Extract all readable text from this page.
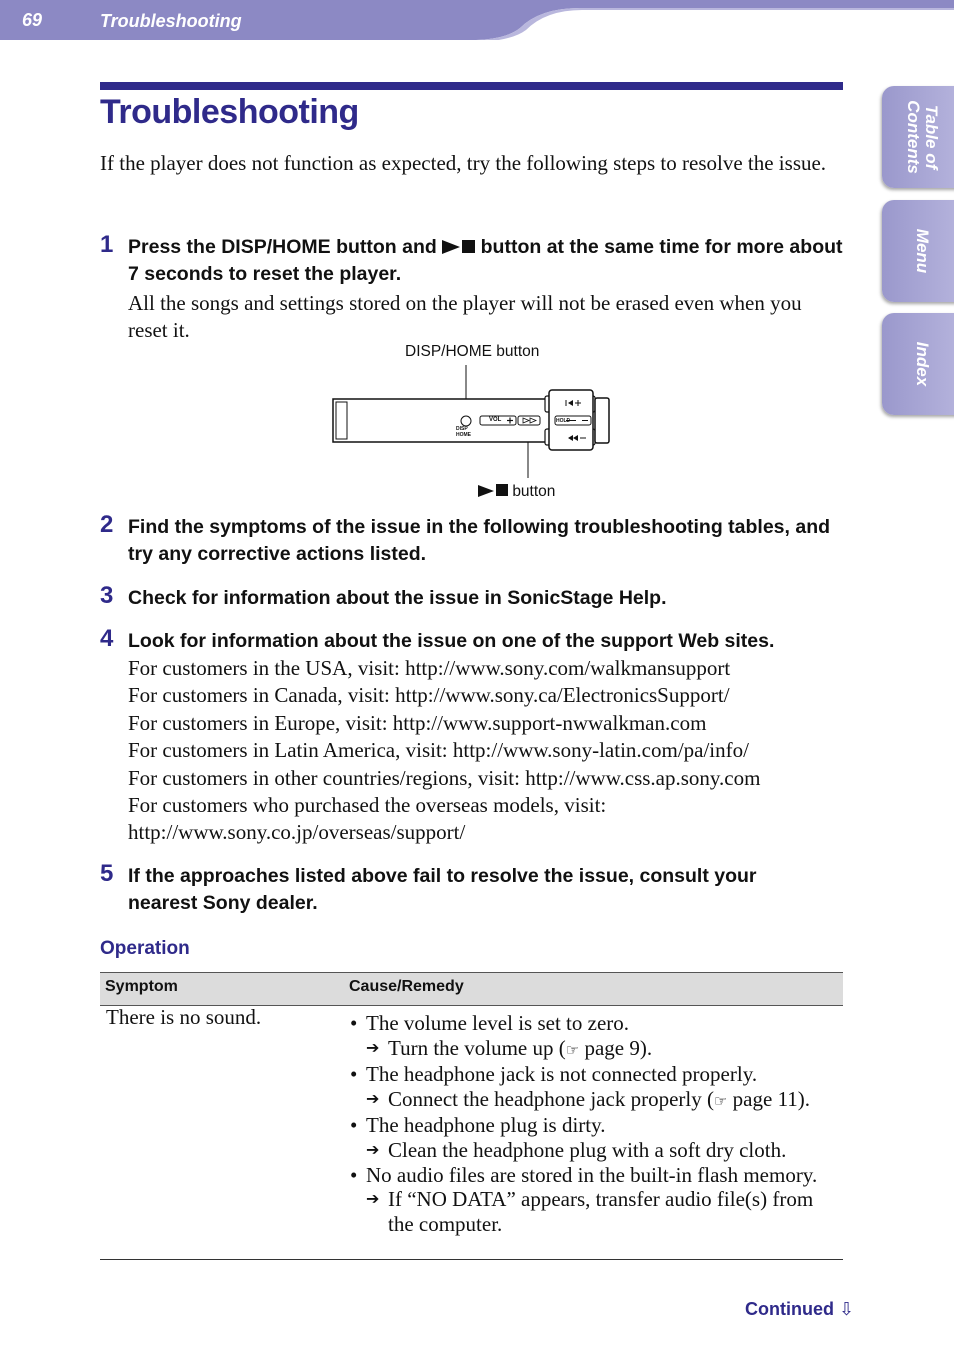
69	Troubleshooting
Table of
Contents
Menu
Index
Troubleshooting
If the player does not function as expected, try the following steps to resolve the issue.
1 Press the DISP/HOME button and button at the same time for more about 7 seconds to reset the player.
All the songs and settings stored on the player will not be erased even when you reset it.
DISP/HOME button
DISP
HOME
VOL	HOLD
button
2 Find the symptoms of the issue in the following troubleshooting tables, and try any corrective actions listed.
3 Check for information about the issue in SonicStage Help.
4 Look for information about the issue on one of the support Web sites.
For customers in the USA, visit: http://www.sony.com/walkmansupport
For customers in Canada, visit: http://www.sony.ca/ElectronicsSupport/
For customers in Europe, visit: http://www.support-nwwalkman.com
For customers in Latin America, visit: http://www.sony-latin.com/pa/info/
For customers in other countries/regions, visit: http://www.css.ap.sony.com
For customers who purchased the overseas models, visit:
http://www.sony.co.jp/overseas/support/
5 If the approaches listed above fail to resolve the issue, consult your nearest Sony dealer.
Operation
Symptom	Cause/Remedy
There is no sound.	• The volume level is set to zero.
➔ Turn the volume up (☞ page 9).
• The headphone jack is not connected properly.
➔ Connect the headphone jack properly (☞ page 11).
• The headphone plug is dirty.
➔ Clean the headphone plug with a soft dry cloth.
• No audio files are stored in the built-in flash memory.
➔ If “NO DATA” appears, transfer audio file(s) from the computer.
Continued ⇩
